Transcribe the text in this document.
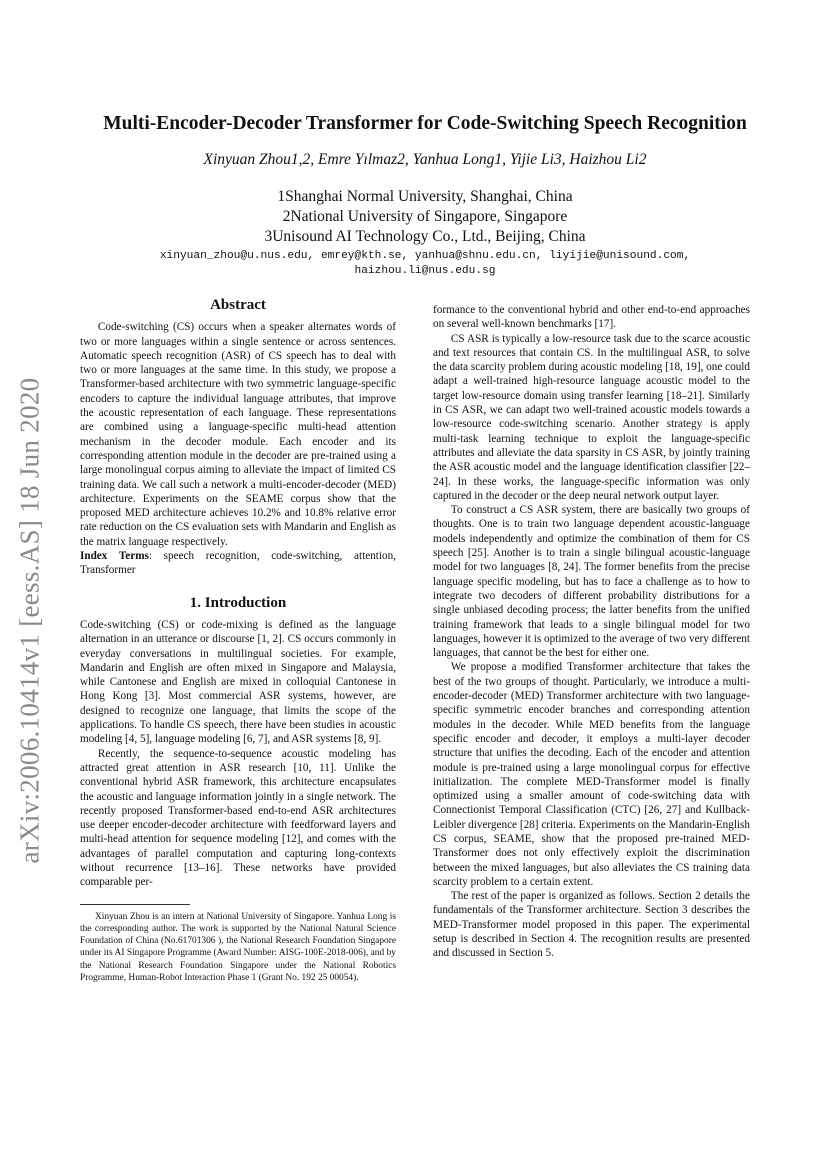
arXiv:2006.10414v1 [eess.AS] 18 Jun 2020
Multi-Encoder-Decoder Transformer for Code-Switching Speech Recognition
Xinyuan Zhou1,2, Emre Yılmaz2, Yanhua Long1, Yijie Li3, Haizhou Li2
1Shanghai Normal University, Shanghai, China
2National University of Singapore, Singapore
3Unisound AI Technology Co., Ltd., Beijing, China
xinyuan_zhou@u.nus.edu, emrey@kth.se, yanhua@shnu.edu.cn, liyijie@unisound.com,
haizhou.li@nus.edu.sg
Abstract

Code-switching (CS) occurs when a speaker alternates words of two or more languages within a single sentence or across sentences. Automatic speech recognition (ASR) of CS speech has to deal with two or more languages at the same time. In this study, we propose a Transformer-based architecture with two symmetric language-specific encoders to capture the individual language attributes, that improve the acoustic representation of each language. These representations are combined using a language-specific multi-head attention mechanism in the decoder module. Each encoder and its corresponding attention module in the decoder are pre-trained using a large monolingual corpus aiming to alleviate the impact of limited CS training data. We call such a network a multi-encoder-decoder (MED) architecture. Experiments on the SEAME corpus show that the proposed MED architecture achieves 10.2% and 10.8% relative error rate reduction on the CS evaluation sets with Mandarin and English as the matrix language respectively.

Index Terms: speech recognition, code-switching, attention, Transformer

1. Introduction

Code-switching (CS) or code-mixing is defined as the language alternation in an utterance or discourse [1, 2]. CS occurs commonly in everyday conversations in multilingual societies. For example, Mandarin and English are often mixed in Singapore and Malaysia, while Cantonese and English are mixed in colloquial Cantonese in Hong Kong [3]. Most commercial ASR systems, however, are designed to recognize one language, that limits the scope of the applications. To handle CS speech, there have been studies in acoustic modeling [4, 5], language modeling [6, 7], and ASR systems [8, 9].

Recently, the sequence-to-sequence acoustic modeling has attracted great attention in ASR research [10, 11]. Unlike the conventional hybrid ASR framework, this architecture encapsulates the acoustic and language information jointly in a single network. The recently proposed Transformer-based end-to-end ASR architectures use deeper encoder-decoder architecture with feedforward layers and multi-head attention for sequence modeling [12], and comes with the advantages of parallel computation and capturing long-contexts without recurrence [13–16]. These networks have provided comparable per-

Xinyuan Zhou is an intern at National University of Singapore. Yanhua Long is the corresponding author. The work is supported by the National Natural Science Foundation of China (No.61701306 ), the National Research Foundation Singapore under its AI Singapore Programme (Award Number: AISG-100E-2018-006), and by the National Research Foundation Singapore under the National Robotics Programme, Human-Robot Interaction Phase 1 (Grant No. 192 25 00054).

formance to the conventional hybrid and other end-to-end approaches on several well-known benchmarks [17].

CS ASR is typically a low-resource task due to the scarce acoustic and text resources that contain CS. In the multilingual ASR, to solve the data scarcity problem during acoustic modeling [18, 19], one could adapt a well-trained high-resource language acoustic model to the target low-resource domain using transfer learning [18–21]. Similarly in CS ASR, we can adapt two well-trained acoustic models towards a low-resource code-switching scenario. Another strategy is apply multi-task learning technique to exploit the language-specific attributes and alleviate the data sparsity in CS ASR, by jointly training the ASR acoustic model and the language identification classifier [22–24]. In these works, the language-specific information was only captured in the decoder or the deep neural network output layer.

To construct a CS ASR system, there are basically two groups of thoughts. One is to train two language dependent acoustic-language models independently and optimize the combination of them for CS speech [25]. Another is to train a single bilingual acoustic-language model for two languages [8, 24]. The former benefits from the precise language specific modeling, but has to face a challenge as to how to integrate two decoders of different probability distributions for a single unbiased decoding process; the latter benefits from the unified training framework that leads to a single bilingual model for two languages, however it is optimized to the average of two very different languages, that cannot be the best for either one.

We propose a modified Transformer architecture that takes the best of the two groups of thought. Particularly, we introduce a multi-encoder-decoder (MED) Transformer architecture with two language-specific symmetric encoder branches and corresponding attention modules in the decoder. While MED benefits from the language specific encoder and decoder, it employs a multi-layer decoder structure that unifies the decoding. Each of the encoder and attention module is pre-trained using a large monolingual corpus for effective initialization. The complete MED-Transformer model is finally optimized using a smaller amount of code-switching data with Connectionist Temporal Classification (CTC) [26, 27] and Kullback-Leibler divergence [28] criteria. Experiments on the Mandarin-English CS corpus, SEAME, show that the proposed pre-trained MED-Transformer does not only effectively exploit the discrimination between the mixed languages, but also alleviates the CS training data scarcity problem to a certain extent.

The rest of the paper is organized as follows. Section 2 details the fundamentals of the Transformer architecture. Section 3 describes the MED-Transformer model proposed in this paper. The experimental setup is described in Section 4. The recognition results are presented and discussed in Section 5.
